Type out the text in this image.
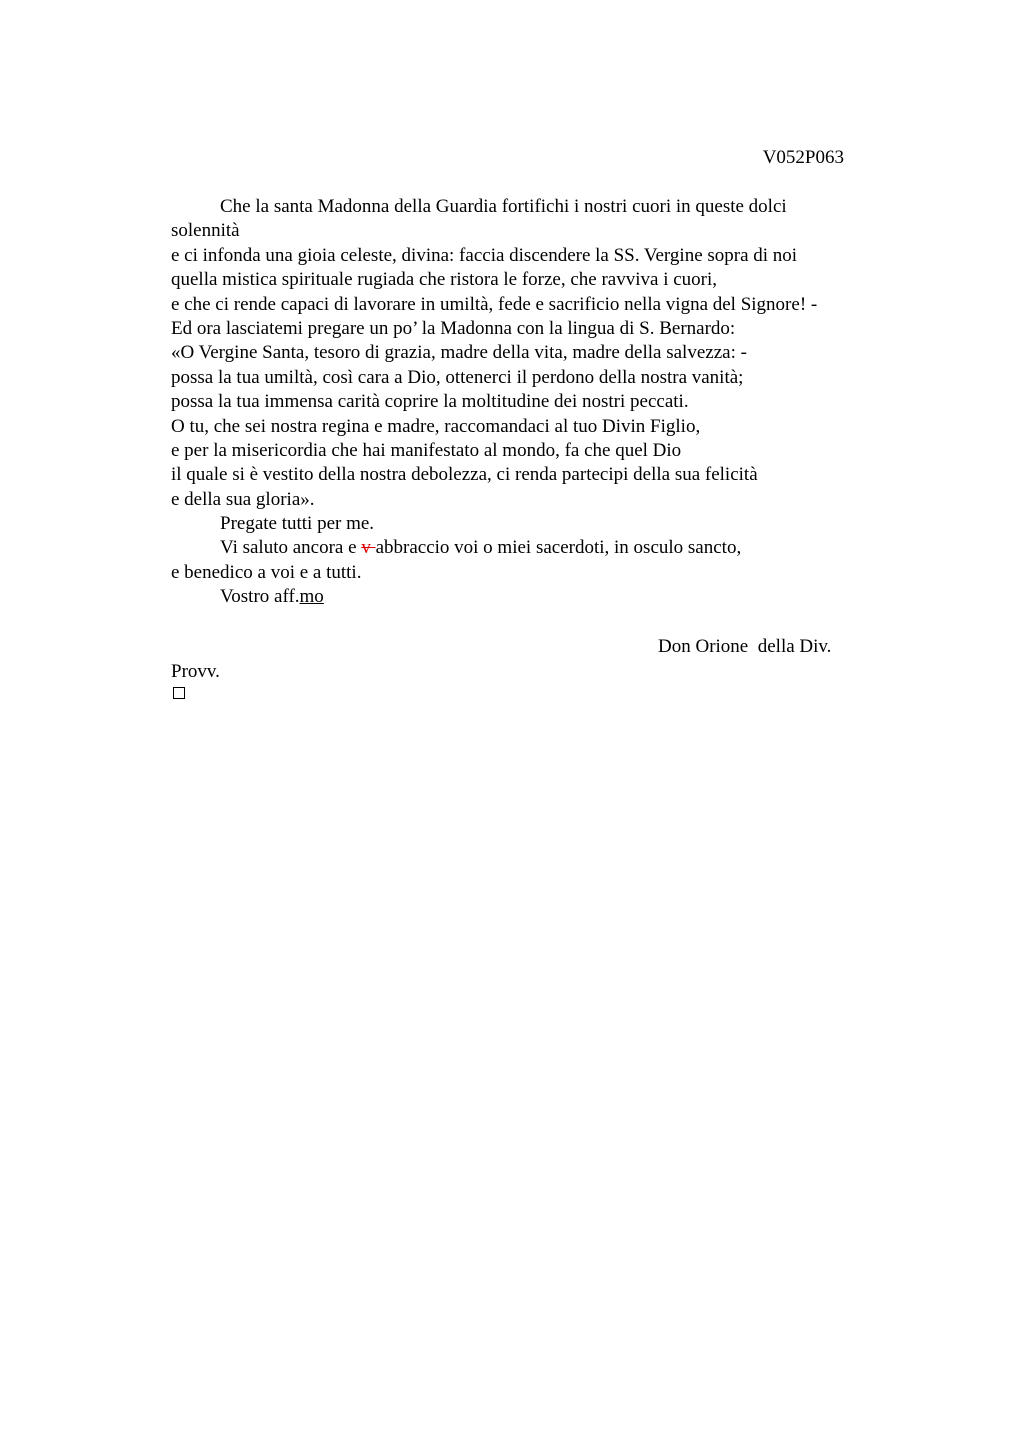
V052P063
Che la santa Madonna della Guardia fortifichi i nostri cuori in queste dolci
solennità
e ci infonda una gioia celeste, divina: faccia discendere la SS. Vergine sopra di noi
quella mistica spirituale rugiada che ristora le forze, che ravviva i cuori,
e che ci rende capaci di lavorare in umiltà, fede e sacrificio nella vigna del Signore! -
Ed ora lasciatemi pregare un po’ la Madonna con la lingua di S. Bernardo:
«O Vergine Santa, tesoro di grazia, madre della vita, madre della salvezza: -
possa la tua umiltà, così cara a Dio, ottenerci il perdono della nostra vanità;
possa la tua immensa carità coprire la moltitudine dei nostri peccati.
O tu, che sei nostra regina e madre, raccomandaci al tuo Divin Figlio,
e per la misericordia che hai manifestato al mondo, fa che quel Dio
il quale si è vestito della nostra debolezza, ci renda partecipi della sua felicità
e della sua gloria».
Pregate tutti per me.
Vi saluto ancora e v abbraccio voi o miei sacerdoti, in osculo sancto,
e benedico a voi e a tutti.
Vostro aff.mo
Don Orione  della Div.
Provv.
